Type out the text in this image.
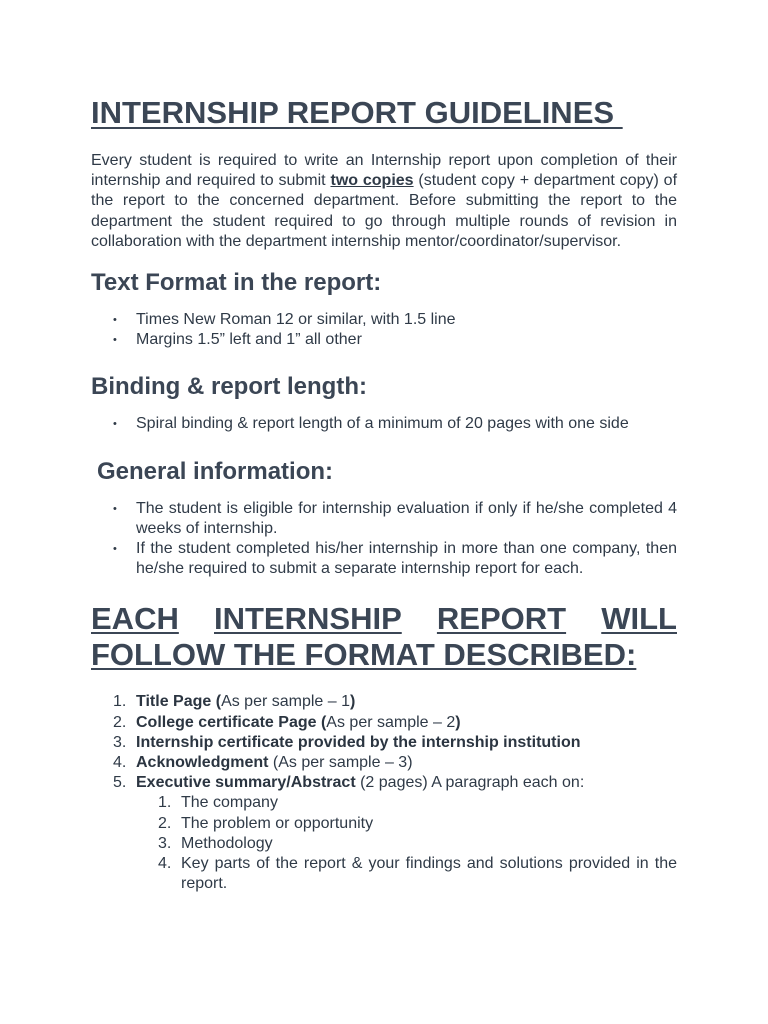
INTERNSHIP REPORT GUIDELINES

Every student is required to write an Internship report upon completion of their internship and required to submit two copies (student copy + department copy) of the report to the concerned department. Before submitting the report to the department the student required to go through multiple rounds of revision in collaboration with the department internship mentor/coordinator/supervisor.

Text Format in the report:
• Times New Roman 12 or similar, with 1.5 line
• Margins 1.5” left and 1” all other
Binding & report length:
• Spiral binding & report length of a minimum of 20 pages with one side
General information:
• The student is eligible for internship evaluation if only if he/she completed 4 weeks of internship.
• If the student completed his/her internship in more than one company, then he/she required to submit a separate internship report for each.
EACH INTERNSHIP REPORT WILL
FOLLOW THE FORMAT DESCRIBED:
1. Title Page (As per sample – 1)
2. College certificate Page (As per sample – 2)
3. Internship certificate provided by the internship institution
4. Acknowledgment (As per sample – 3)
5. Executive summary/Abstract (2 pages) A paragraph each on:
1. The company
2. The problem or opportunity
3. Methodology
4. Key parts of the report & your findings and solutions provided in the report.
